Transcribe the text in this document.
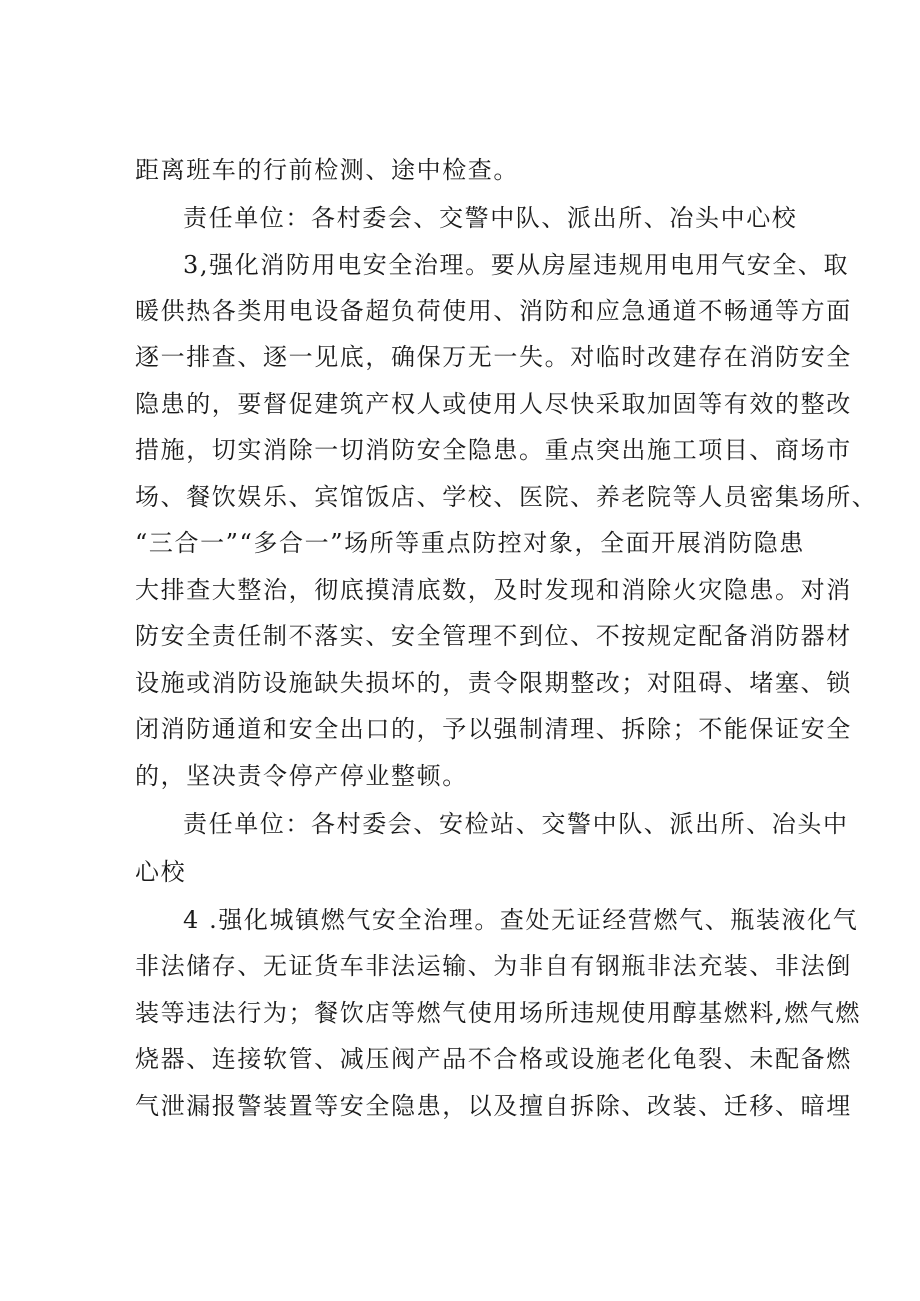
距离班车的行前检测、途中检查。
责任单位：各村委会、交警中队、派出所、冶头中心校
3,强化消防用电安全治理。要从房屋违规用电用气安全、取
暖供热各类用电设备超负荷使用、消防和应急通道不畅通等方面
逐一排查、逐一见底，确保万无一失。对临时改建存在消防安全
隐患的，要督促建筑产权人或使用人尽快采取加固等有效的整改
措施，切实消除一切消防安全隐患。重点突出施工项目、商场市
场、餐饮娱乐、宾馆饭店、学校、医院、养老院等人员密集场所、
“三合一”“多合一”场所等重点防控对象，全面开展消防隐患
大排查大整治，彻底摸清底数，及时发现和消除火灾隐患。对消
防安全责任制不落实、安全管理不到位、不按规定配备消防器材
设施或消防设施缺失损坏的，责令限期整改；对阻碍、堵塞、锁
闭消防通道和安全出口的，予以强制清理、拆除；不能保证安全
的，坚决责令停产停业整顿。
责任单位：各村委会、安检站、交警中队、派出所、冶头中
心校
4 .强化城镇燃气安全治理。查处无证经营燃气、瓶装液化气
非法储存、无证货车非法运输、为非自有钢瓶非法充装、非法倒
装等违法行为；餐饮店等燃气使用场所违规使用醇基燃料,燃气燃
烧器、连接软管、减压阀产品不合格或设施老化龟裂、未配备燃
气泄漏报警装置等安全隐患，以及擅自拆除、改装、迁移、暗埋
